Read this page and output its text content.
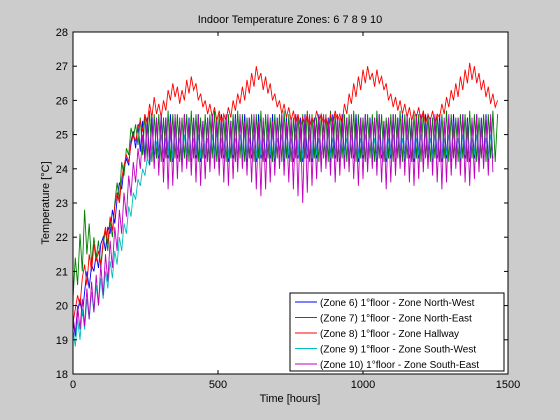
Indoor Temperature Zones: 6 7 8 9 10
0	500	1000	1500
18
19
20
21
22
23
24
25
26
27
28
Time [hours]
Temperature [°C]
(Zone 6) 1°floor - Zone North-West
(Zone 7) 1°floor - Zone North-East
(Zone 8) 1°floor - Zone Hallway
(Zone 9) 1°floor - Zone South-West
(Zone 10) 1°floor - Zone South-East
